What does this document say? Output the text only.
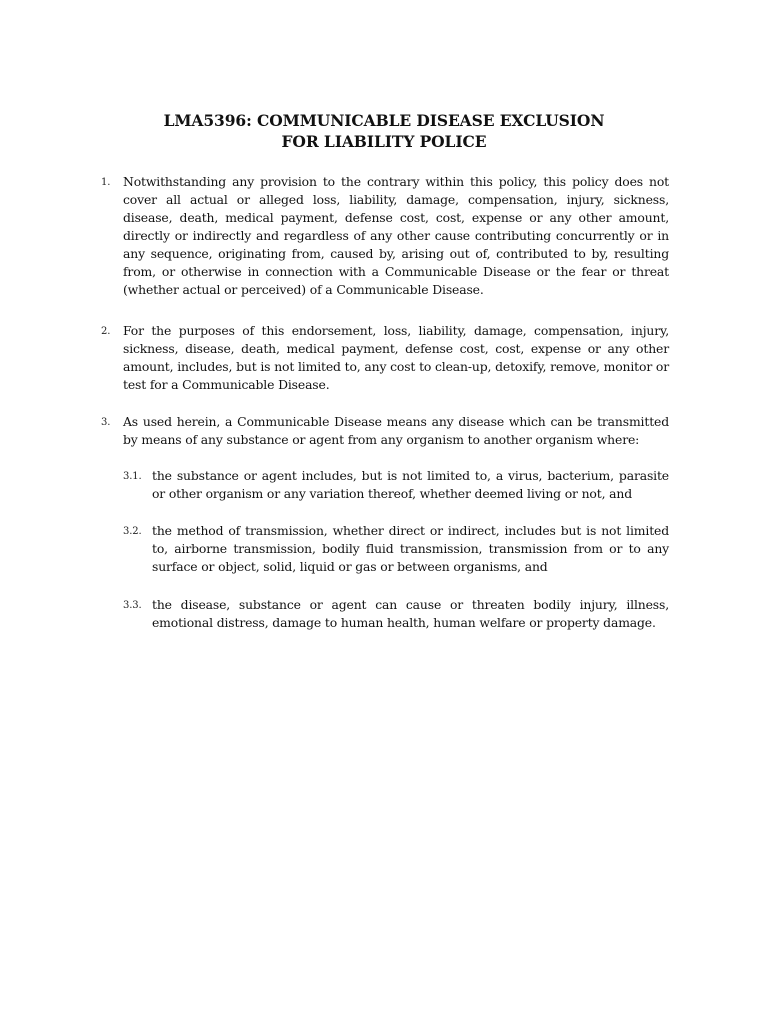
LMA5396: COMMUNICABLE DISEASE EXCLUSION
FOR LIABILITY POLICE
1. Notwithstanding any provision to the contrary within this policy, this policy does not cover all actual or alleged loss, liability, damage, compensation, injury, sickness, disease, death, medical payment, defense cost, cost, expense or any other amount, directly or indirectly and regardless of any other cause contributing concurrently or in any sequence, originating from, caused by, arising out of, contributed to by, resulting from, or otherwise in connection with a Communicable Disease or the fear or threat (whether actual or perceived) of a Communicable Disease.
2. For the purposes of this endorsement, loss, liability, damage, compensation, injury, sickness, disease, death, medical payment, defense cost, cost, expense or any other amount, includes, but is not limited to, any cost to clean-up, detoxify, remove, monitor or test for a Communicable Disease.
3. As used herein, a Communicable Disease means any disease which can be transmitted by means of any substance or agent from any organism to another organism where:
3.1. the substance or agent includes, but is not limited to, a virus, bacterium, parasite or other organism or any variation thereof, whether deemed living or not, and
3.2. the method of transmission, whether direct or indirect, includes but is not limited to, airborne transmission, bodily fluid transmission, transmission from or to any surface or object, solid, liquid or gas or between organisms, and
3.3. the disease, substance or agent can cause or threaten bodily injury, illness, emotional distress, damage to human health, human welfare or property damage.
